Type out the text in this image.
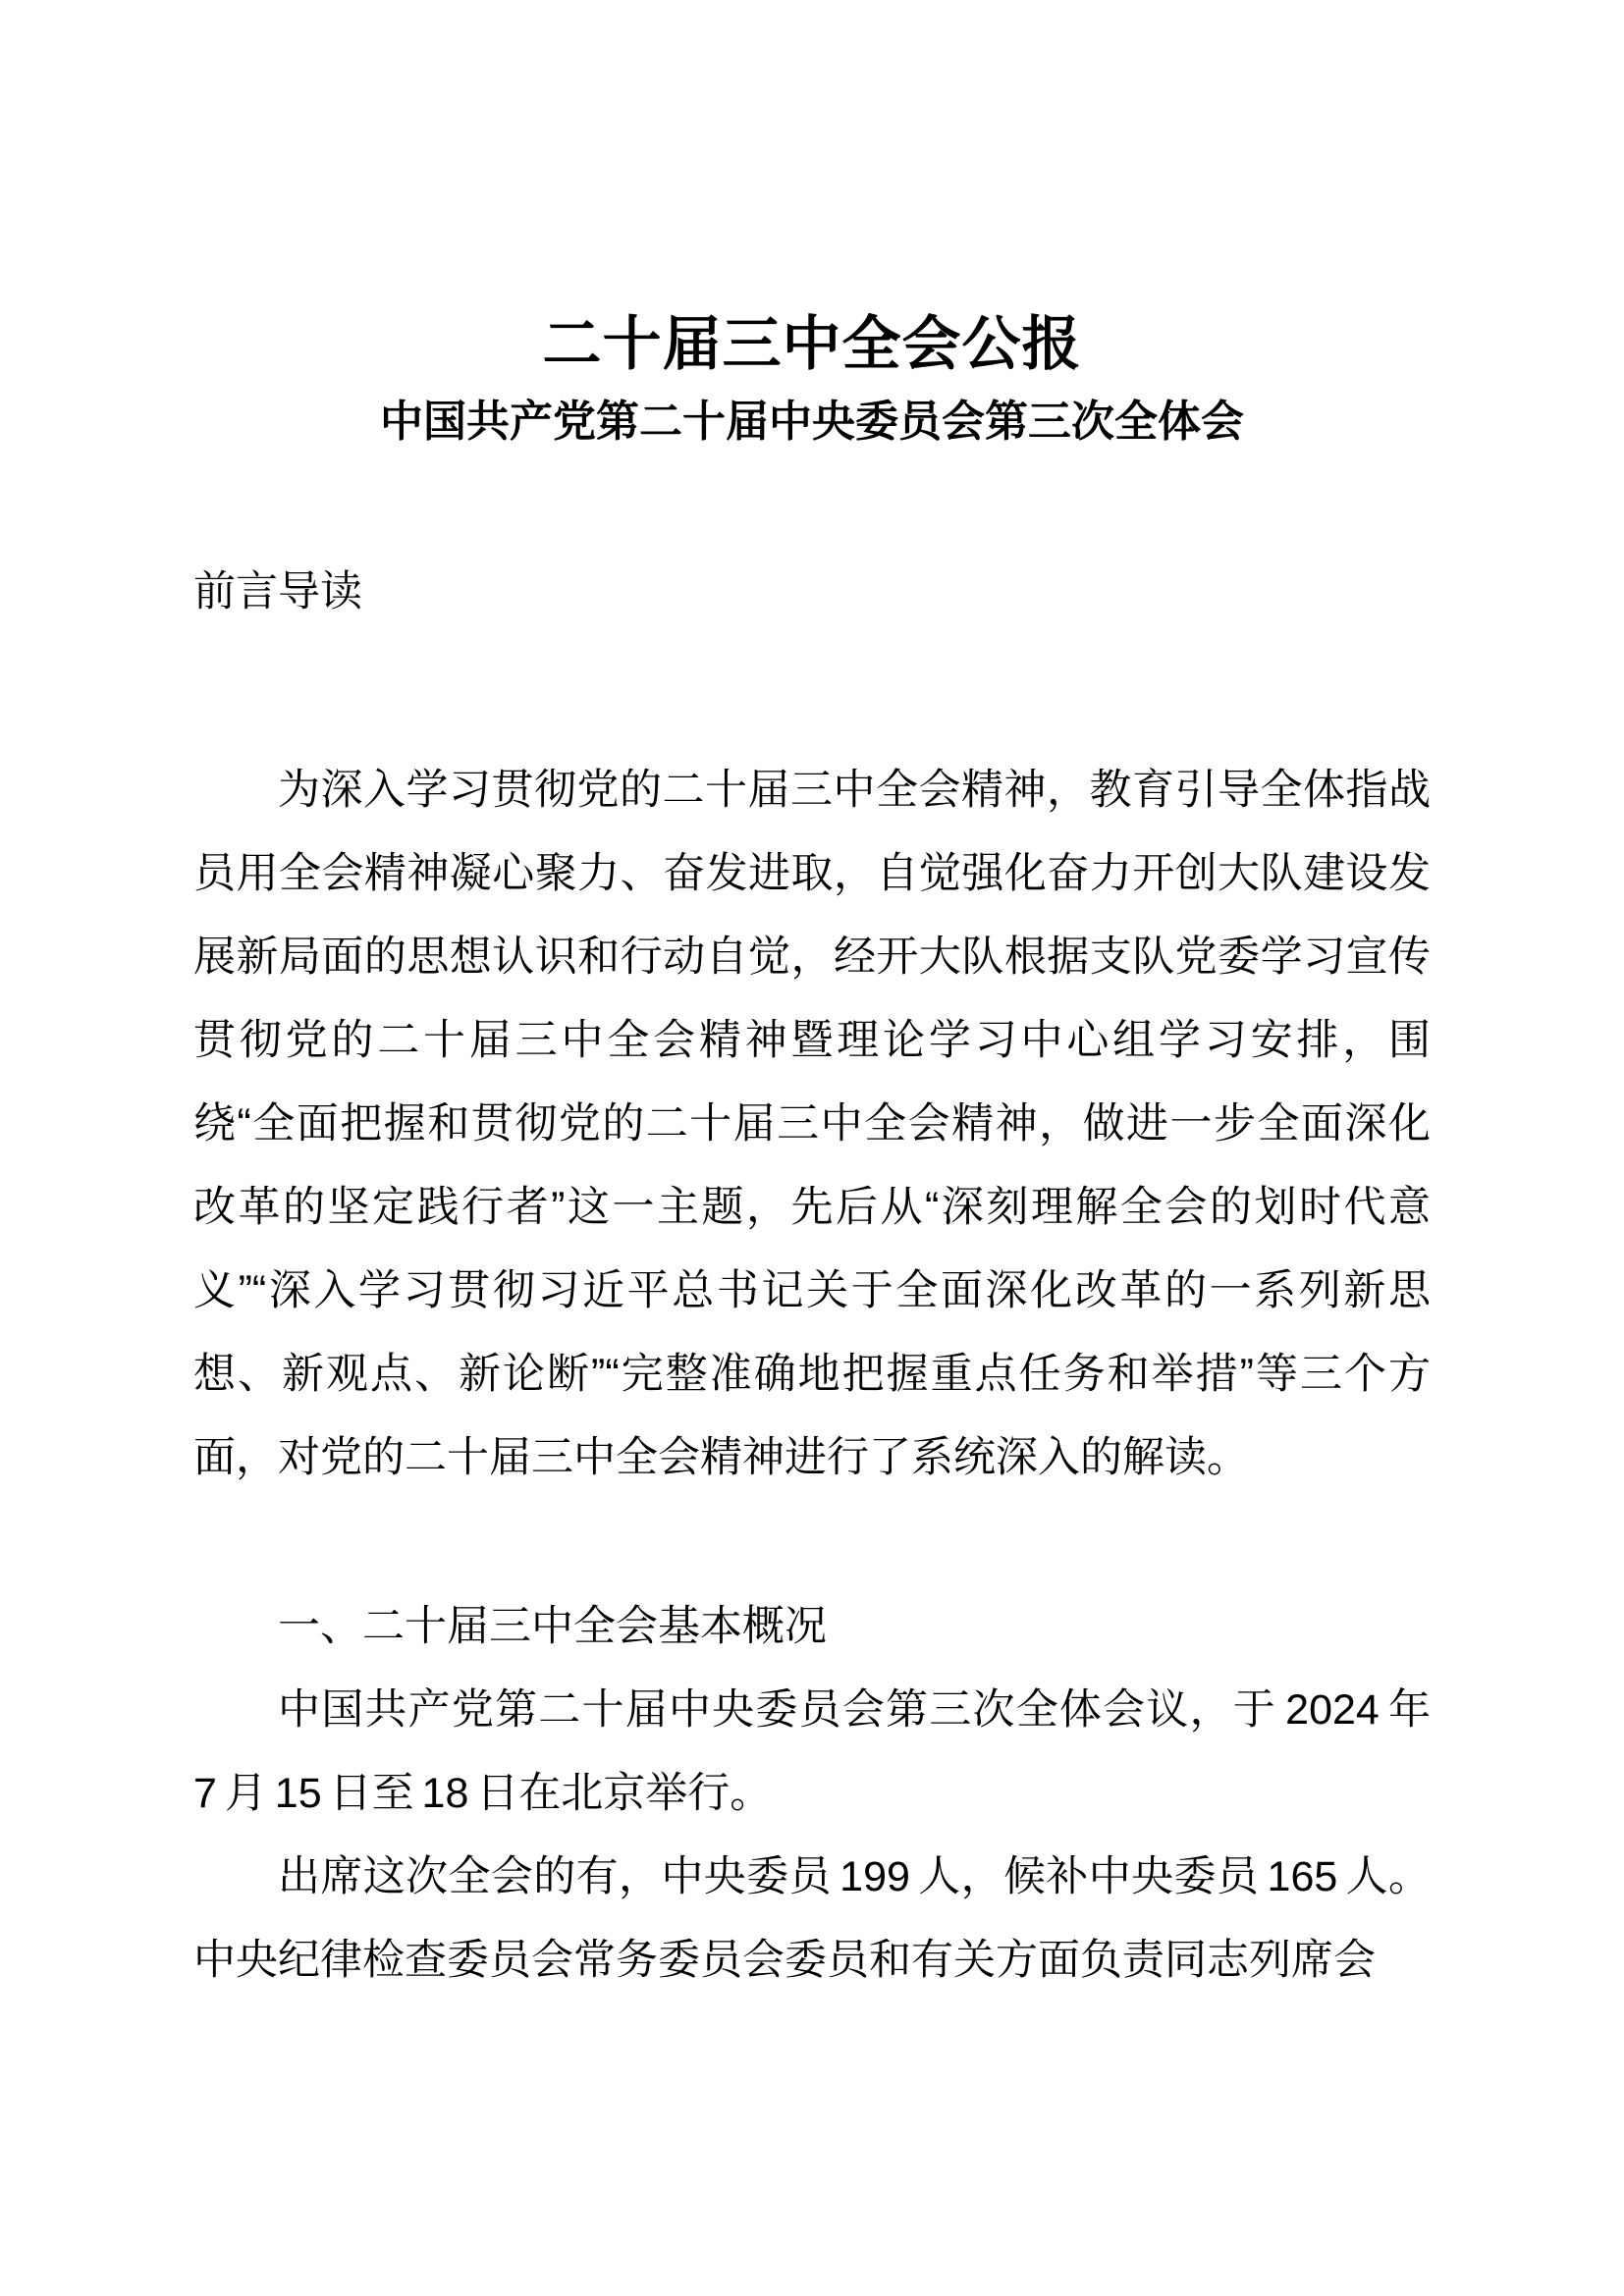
二十届三中全会公报
中国共产党第二十届中央委员会第三次全体会
前言导读

为深入学习贯彻党的二十届三中全会精神，教育引导全体指战员用全会精神凝心聚力、奋发进取，自觉强化奋力开创大队建设发展新局面的思想认识和行动自觉，经开大队根据支队党委学习宣传贯彻党的二十届三中全会精神暨理论学习中心组学习安排，围绕“全面把握和贯彻党的二十届三中全会精神，做进一步全面深化改革的坚定践行者”这一主题，先后从“深刻理解全会的划时代意义”“深入学习贯彻习近平总书记关于全面深化改革的一系列新思想、新观点、新论断”“完整准确地把握重点任务和举措”等三个方面，对党的二十届三中全会精神进行了系统深入的解读。

一、二十届三中全会基本概况

中国共产党第二十届中央委员会第三次全体会议，于 2024 年 7 月 15 日至 18 日在北京举行。

出席这次全会的有，中央委员 199 人，候补中央委员 165 人。中央纪律检查委员会常务委员会委员和有关方面负责同志列席会
